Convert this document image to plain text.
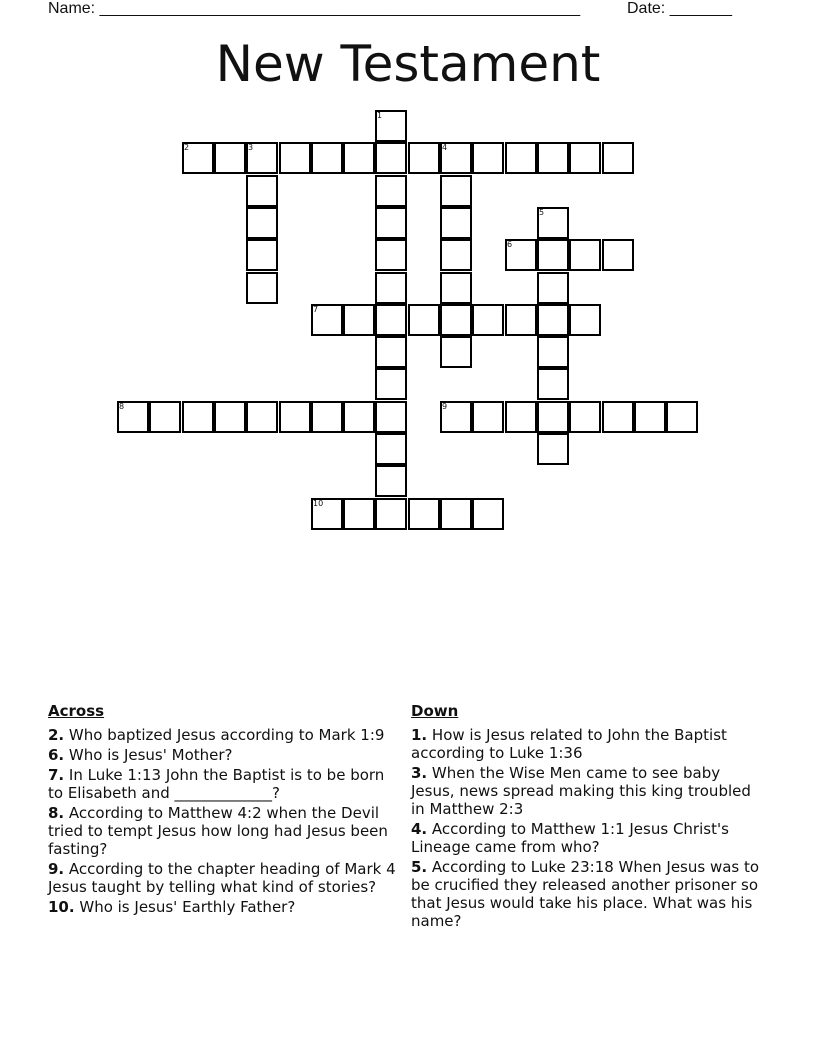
Name: ______________________________________________________	Date: _______
New Testament
1
2	3	4
5
6
7
8	9
10
Across
2. Who baptized Jesus according to Mark 1:9
6. Who is Jesus' Mother?
7. In Luke 1:13 John the Baptist is to be born to Elisabeth and _____________?
8. According to Matthew 4:2 when the Devil tried to tempt Jesus how long had Jesus been fasting?
9. According to the chapter heading of Mark 4 Jesus taught by telling what kind of stories?
10. Who is Jesus' Earthly Father?
Down
1. How is Jesus related to John the Baptist according to Luke 1:36
3. When the Wise Men came to see baby Jesus, news spread making this king troubled in Matthew 2:3
4. According to Matthew 1:1 Jesus Christ's Lineage came from who?
5. According to Luke 23:18 When Jesus was to be crucified they released another prisoner so that Jesus would take his place. What was his name?
